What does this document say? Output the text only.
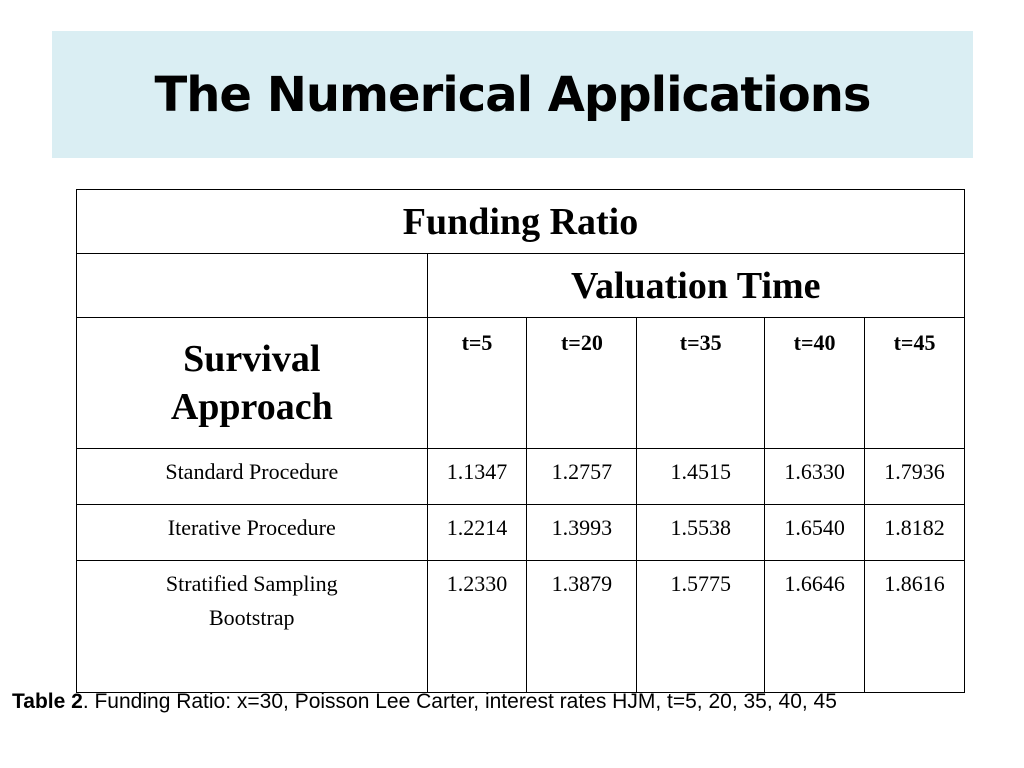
The Numerical Applications
Funding Ratio					
	Valuation Time				
Survival
Approach	t=5	t=20	t=35	t=40	t=45
Standard Procedure	1.1347	1.2757	1.4515	1.6330	1.7936
Iterative Procedure	1.2214	1.3993	1.5538	1.6540	1.8182
Stratified Sampling
Bootstrap	1.2330	1.3879	1.5775	1.6646	1.8616
Table 2. Funding Ratio: x=30, Poisson Lee Carter, interest rates HJM, t=5, 20, 35, 40, 45
